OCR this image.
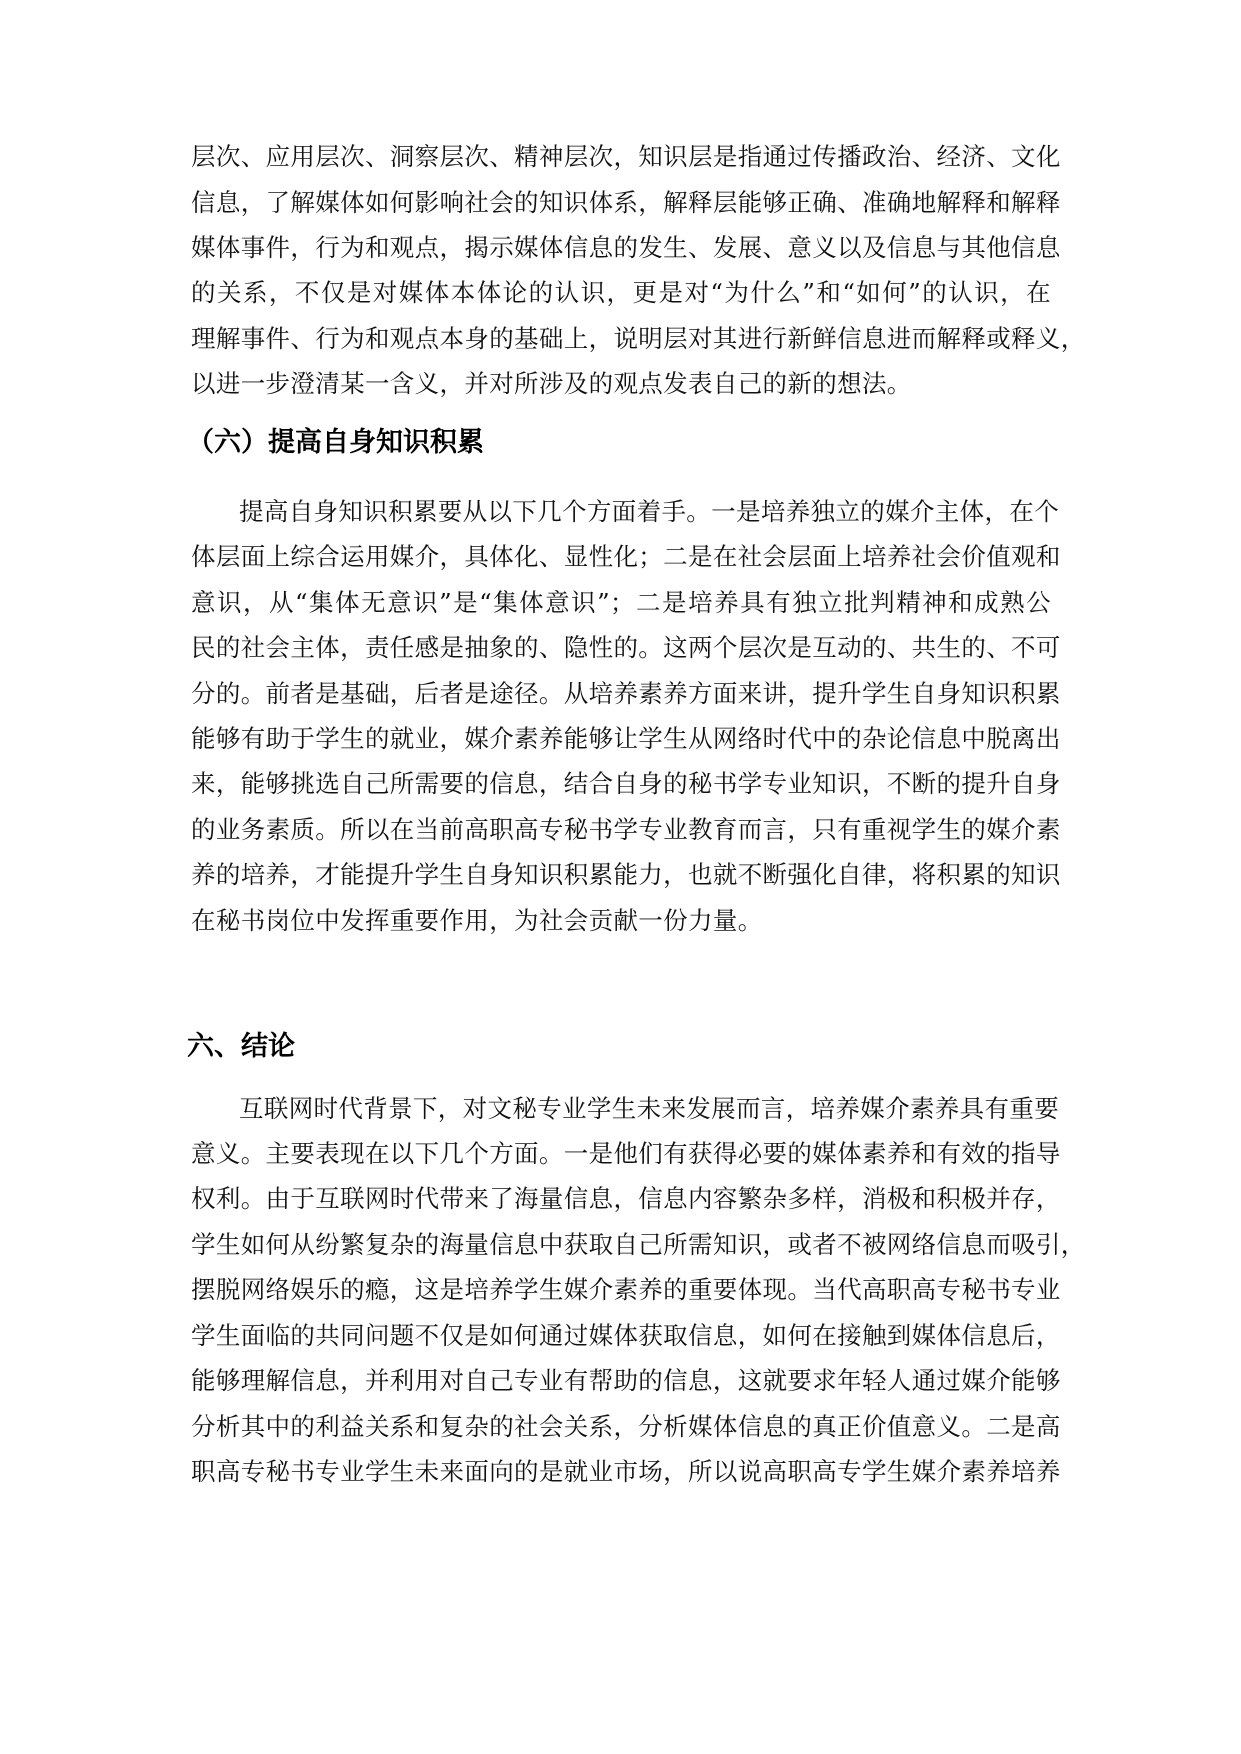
层次、应用层次、洞察层次、精神层次，知识层是指通过传播政治、经济、文化
信息，了解媒体如何影响社会的知识体系，解释层能够正确、准确地解释和解释
媒体事件，行为和观点，揭示媒体信息的发生、发展、意义以及信息与其他信息
的关系，不仅是对媒体本体论的认识，更是对“为什么”和“如何”的认识，在
理解事件、行为和观点本身的基础上，说明层对其进行新鲜信息进而解释或释义，
以进一步澄清某一含义，并对所涉及的观点发表自己的新的想法。
（六）提高自身知识积累
提高自身知识积累要从以下几个方面着手。一是培养独立的媒介主体，在个
体层面上综合运用媒介，具体化、显性化；二是在社会层面上培养社会价值观和
意识，从“集体无意识”是“集体意识”；二是培养具有独立批判精神和成熟公
民的社会主体，责任感是抽象的、隐性的。这两个层次是互动的、共生的、不可
分的。前者是基础，后者是途径。从培养素养方面来讲，提升学生自身知识积累
能够有助于学生的就业，媒介素养能够让学生从网络时代中的杂论信息中脱离出
来，能够挑选自己所需要的信息，结合自身的秘书学专业知识，不断的提升自身
的业务素质。所以在当前高职高专秘书学专业教育而言，只有重视学生的媒介素
养的培养，才能提升学生自身知识积累能力，也就不断强化自律，将积累的知识
在秘书岗位中发挥重要作用，为社会贡献一份力量。
六、结论
互联网时代背景下，对文秘专业学生未来发展而言，培养媒介素养具有重要
意义。主要表现在以下几个方面。一是他们有获得必要的媒体素养和有效的指导
权利。由于互联网时代带来了海量信息，信息内容繁杂多样，消极和积极并存，
学生如何从纷繁复杂的海量信息中获取自己所需知识，或者不被网络信息而吸引，
摆脱网络娱乐的瘾，这是培养学生媒介素养的重要体现。当代高职高专秘书专业
学生面临的共同问题不仅是如何通过媒体获取信息，如何在接触到媒体信息后，
能够理解信息，并利用对自己专业有帮助的信息，这就要求年轻人通过媒介能够
分析其中的利益关系和复杂的社会关系，分析媒体信息的真正价值意义。二是高
职高专秘书专业学生未来面向的是就业市场，所以说高职高专学生媒介素养培养
